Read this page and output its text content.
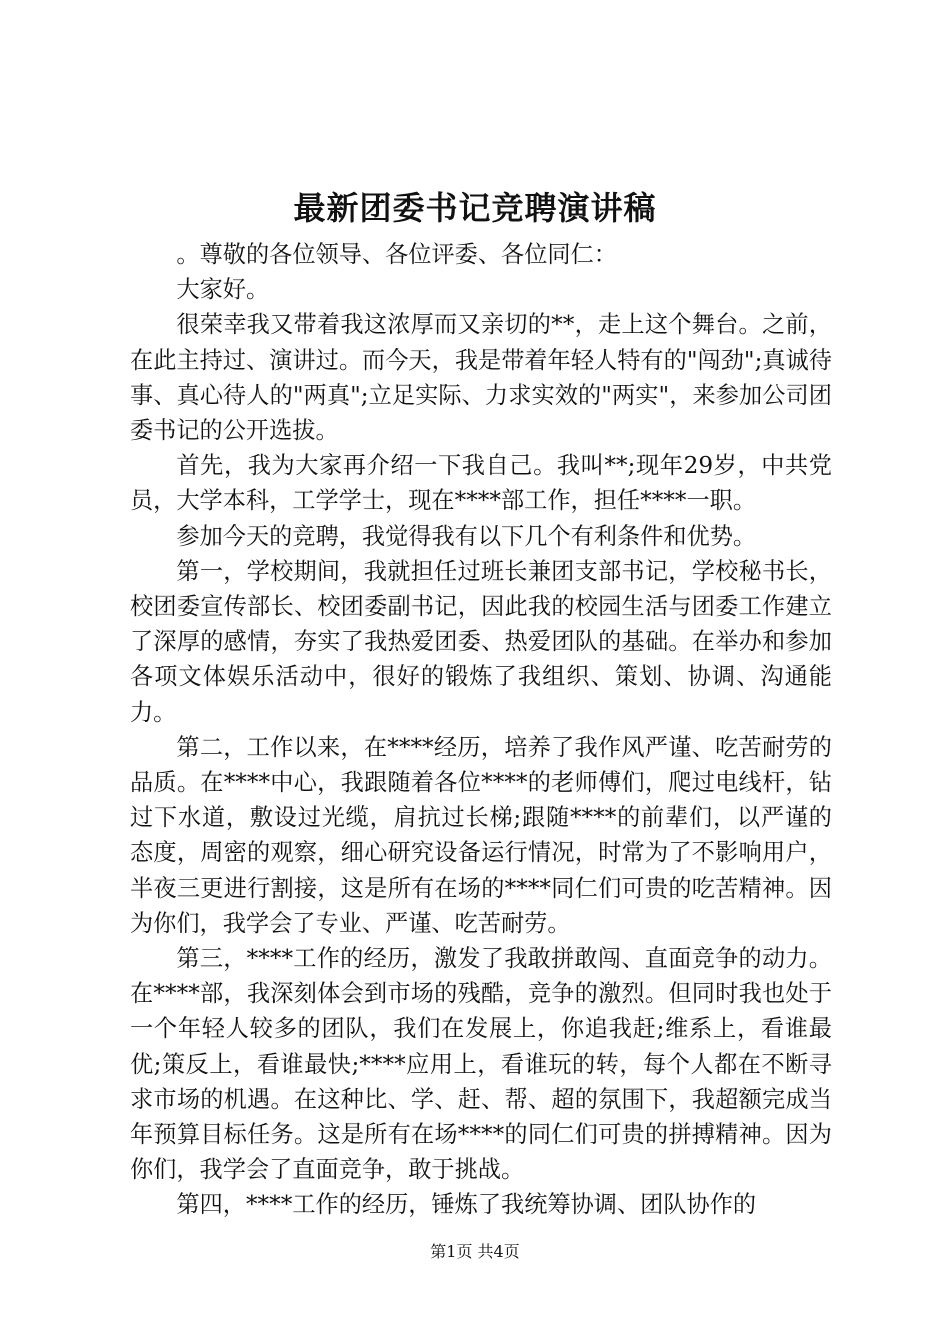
最新团委书记竞聘演讲稿

。尊敬的各位领导、各位评委、各位同仁：

大家好。

很荣幸我又带着我这浓厚而又亲切的**，走上这个舞台。之前，在此主持过、演讲过。而今天，我是带着年轻人特有的"闯劲";真诚待事、真心待人的"两真";立足实际、力求实效的"两实"，来参加公司团委书记的公开选拔。

首先，我为大家再介绍一下我自己。我叫**;现年29岁，中共党员，大学本科，工学学士，现在****部工作，担任****一职。

参加今天的竞聘，我觉得我有以下几个有利条件和优势。

第一，学校期间，我就担任过班长兼团支部书记，学校秘书长，校团委宣传部长、校团委副书记，因此我的校园生活与团委工作建立了深厚的感情，夯实了我热爱团委、热爱团队的基础。在举办和参加各项文体娱乐活动中，很好的锻炼了我组织、策划、协调、沟通能力。

第二，工作以来，在****经历，培养了我作风严谨、吃苦耐劳的品质。在****中心，我跟随着各位****的老师傅们，爬过电线杆，钻过下水道，敷设过光缆，肩抗过长梯;跟随****的前辈们，以严谨的态度，周密的观察，细心研究设备运行情况，时常为了不影响用户，半夜三更进行割接，这是所有在场的****同仁们可贵的吃苦精神。因为你们，我学会了专业、严谨、吃苦耐劳。

第三，****工作的经历，激发了我敢拼敢闯、直面竞争的动力。在****部，我深刻体会到市场的残酷，竞争的激烈。但同时我也处于一个年轻人较多的团队，我们在发展上，你追我赶;维系上，看谁最优;策反上，看谁最快;****应用上，看谁玩的转，每个人都在不断寻求市场的机遇。在这种比、学、赶、帮、超的氛围下，我超额完成当年预算目标任务。这是所有在场****的同仁们可贵的拼搏精神。因为你们，我学会了直面竞争，敢于挑战。

第四，****工作的经历，锤炼了我统筹协调、团队协作的

第1页 共4页
